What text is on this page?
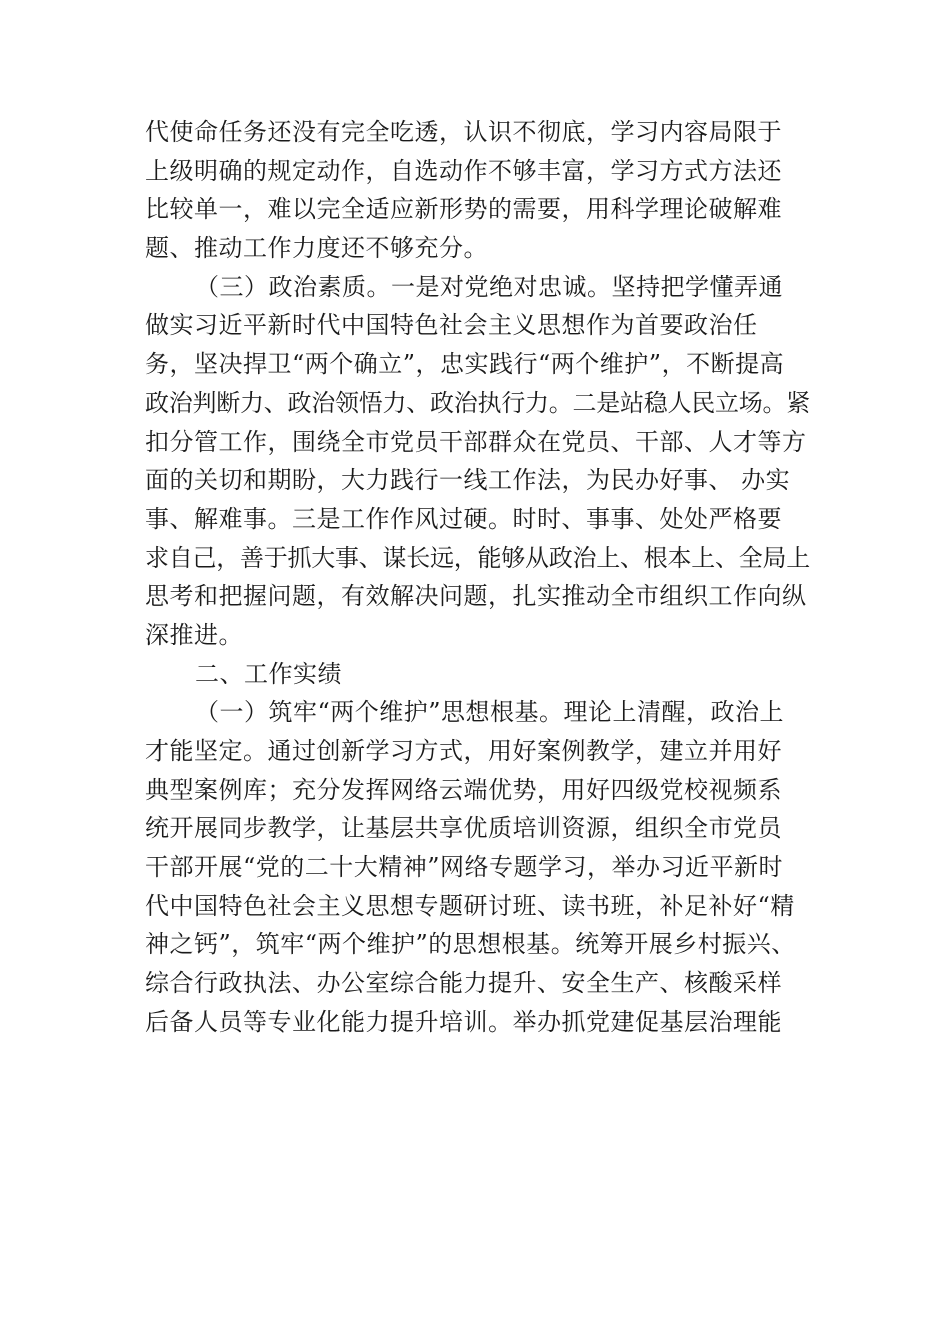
代使命任务还没有完全吃透，认识不彻底，学习内容局限于
上级明确的规定动作，自选动作不够丰富，学习方式方法还
比较单一，难以完全适应新形势的需要，用科学理论破解难
题、推动工作力度还不够充分。
（三）政治素质。一是对党绝对忠诚。坚持把学懂弄通
做实习近平新时代中国特色社会主义思想作为首要政治任
务，坚决捍卫“两个确立”，忠实践行“两个维护”，不断提高
政治判断力、政治领悟力、政治执行力。二是站稳人民立场。紧
扣分管工作，围绕全市党员干部群众在党员、干部、人才等方
面的关切和期盼，大力践行一线工作法，为民办好事、 办实
事、解难事。三是工作作风过硬。时时、事事、处处严格要
求自己，善于抓大事、谋长远，能够从政治上、根本上、全局上
思考和把握问题，有效解决问题，扎实推动全市组织工作向纵
深推进。
二、工作实绩
（一）筑牢“两个维护”思想根基。理论上清醒，政治上
才能坚定。通过创新学习方式，用好案例教学，建立并用好
典型案例库；充分发挥网络云端优势，用好四级党校视频系
统开展同步教学，让基层共享优质培训资源，组织全市党员
干部开展“党的二十大精神”网络专题学习，举办习近平新时
代中国特色社会主义思想专题研讨班、读书班，补足补好“精
神之钙”，筑牢“两个维护”的思想根基。统筹开展乡村振兴、
综合行政执法、办公室综合能力提升、安全生产、核酸采样
后备人员等专业化能力提升培训。举办抓党建促基层治理能
